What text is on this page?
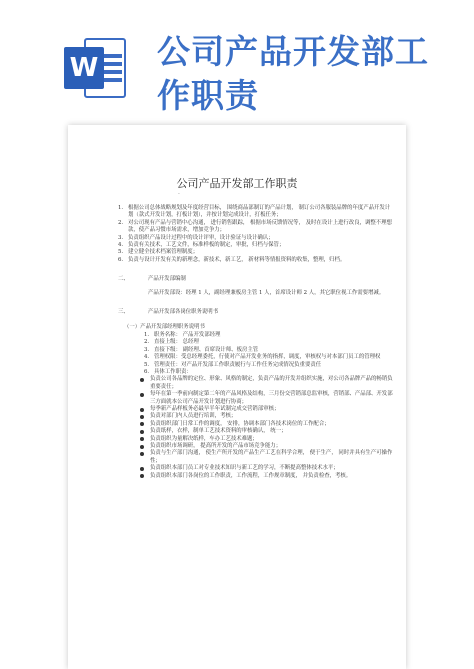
W 公司产品开发部工
作职责
公司产品开发部工作职责
·
1. 根据公司总体战略规划及年度经营目标， 围绕商品部制订的产品计划， 制订公司各服装品牌的年度产品开发计划（款式开发计划，打板计划），并按计划完成设计，打板任务；
2. 对公司现有产品与营销中心沟通， 进行销售跟踪， 根据市场反馈情况等， 及时在设计上进行改良，调整不理想款，使产品习惯市场需求，增加竞争力；
3. 负责组织产品设计过程中的设计评审，设计验证与设计确认；
4. 负责有关技术，工艺文件，标准样板的制定，审批，归档与保管；
5. 建立健全技术档案管理制度；
6. 负责与设计开发有关的新理念，新技术，新工艺， 新材料等情报资料的收集，整理，归档。
二、	产品开发部编制
产品开发部设：经理 1 人，副经理兼板房主管 1 人，首席设计师 2 人，其它职位视工作需要增减。
三、	产品开发部各岗位职务说明书
（一）产品开发部经理职务说明书
1. 职务名称： 产品开发部经理
2. 直接上级： 总经理
3. 直接下级： 副经理、首席设计师、板房主管
4. 管理权限：受总经理委托，行使对产品开发业务的指挥，调度，审核权与对本部门员工的管理权
5. 管理责任：对产品开发部工作职责履行与工作任务完成情况负重要责任
6. 具体工作职责：
负责公司各品牌的定位、形象、风格的制定，负责产品的开发并组织实施，对公司各品牌产品的畅销负重要责任；
每年在第一季前向制定第二年的产品风格及结构，三月份交营销部总监审核，营销部、产品部、开发部三方面就本公司产品开发计划进行协商；
每季新产品样板务必最早半年试制完成交营销部审核；
负责对部门内人员进行培训，考核；
负责组织部门日常工作的调度， 安排，协调本部门各技术岗位的工作配合；
负责纸样，衣样，制单工艺技术资料的审核确认， 统一；
负责组织为量解决纸样，车办工艺技术难题；
负责组织市场调研， 提高所开发的产品市场竞争能力；
负责与生产部门沟通， 使生产所开发的产品生产工艺在科学合理， 便于生产， 同时并具有生产可操作性；
负责组织本部门员工对专业技术知识与新工艺的学习，不断提高整体技术水平；
负责组织本部门各岗位的工作职责，工作流程，工作规章制度， 并负责检查，考核。
